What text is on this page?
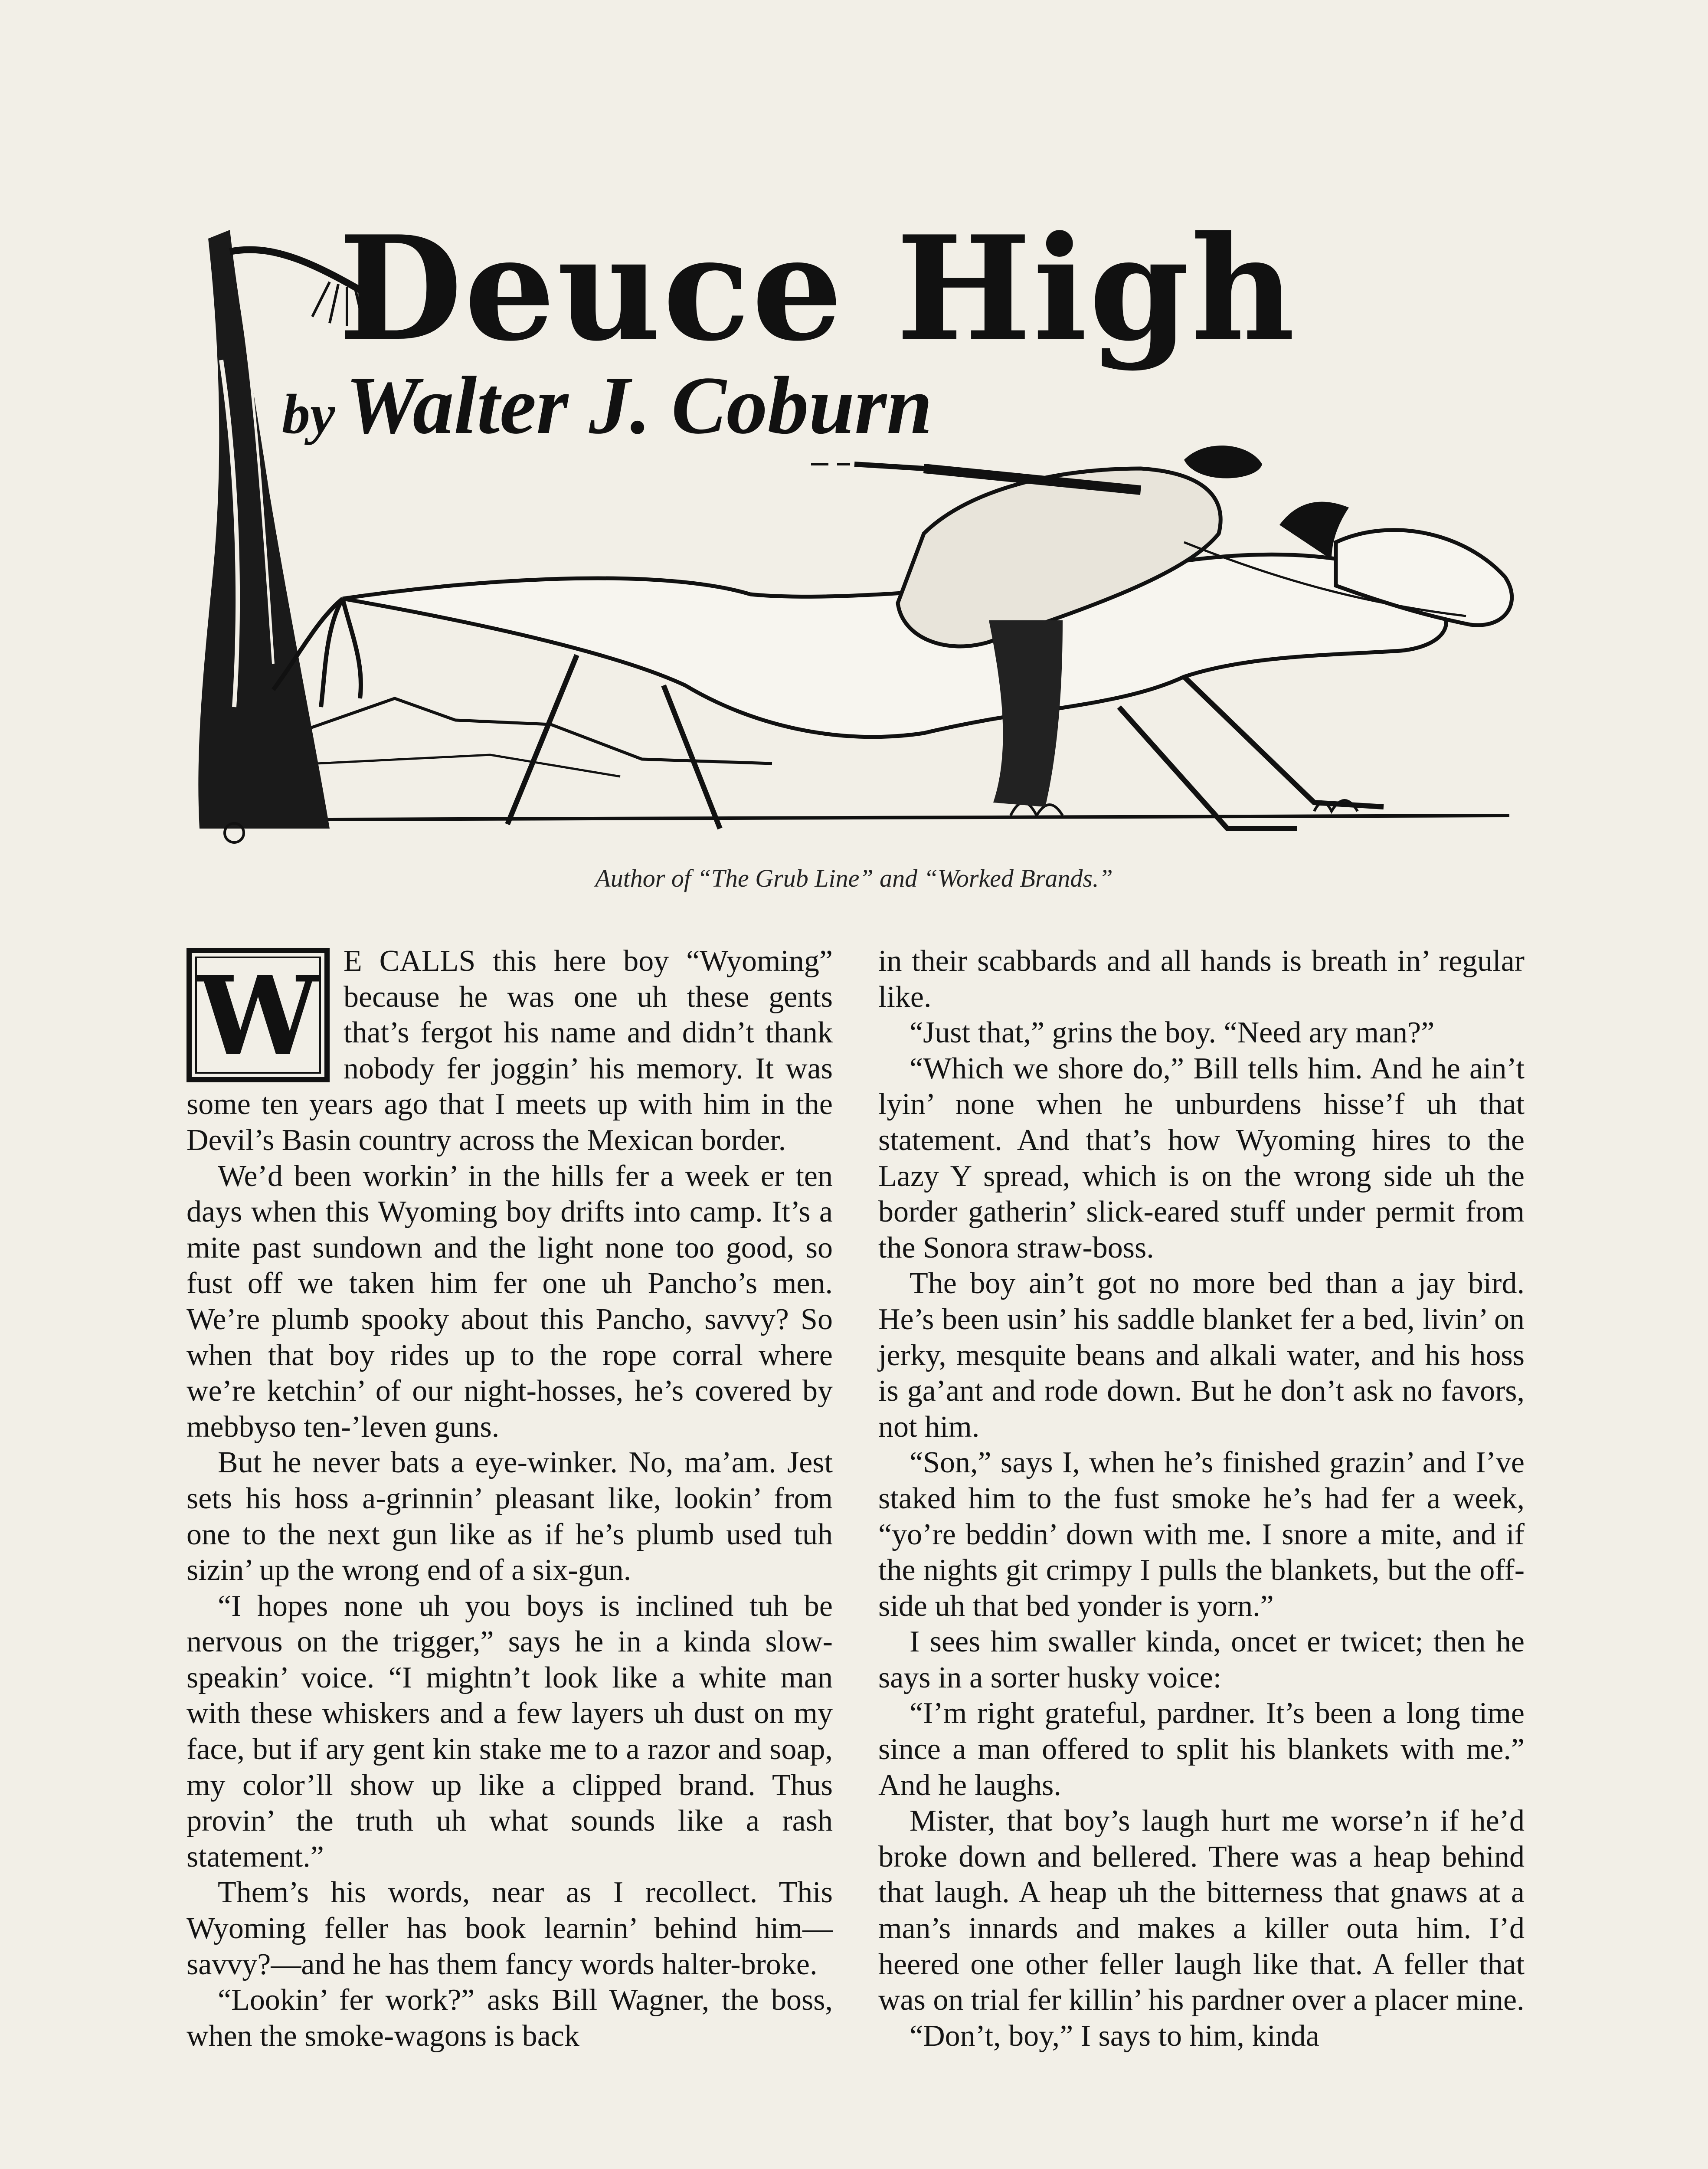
Deuce High
by Walter J. Coburn
Author of “The Grub Line” and “Worked Brands.”
W E CALLS this here boy “Wyoming” because he was one uh these gents that’s fergot his name and didn’t thank nobody fer joggin’ his memory. It was some ten years ago that I meets up with him in the Devil’s Basin country across the Mexican border.

We’d been workin’ in the hills fer a week er ten days when this Wyoming boy drifts into camp. It’s a mite past sundown and the light none too good, so fust off we taken him fer one uh Pancho’s men. We’re plumb spooky about this Pancho, savvy? So when that boy rides up to the rope corral where we’re ketchin’ of our night-hosses, he’s covered by mebbyso ten-’leven guns.

But he never bats a eye-winker. No, ma’am. Jest sets his hoss a-grinnin’ pleasant like, lookin’ from one to the next gun like as if he’s plumb used tuh sizin’ up the wrong end of a six-gun.

“I hopes none uh you boys is inclined tuh be nervous on the trigger,” says he in a kinda slow-speakin’ voice. “I mightn’t look like a white man with these whiskers and a few layers uh dust on my face, but if ary gent kin stake me to a razor and soap, my color’ll show up like a clipped brand. Thus provin’ the truth uh what sounds like a rash statement.”

Them’s his words, near as I recollect. This Wyoming feller has book learnin’ behind him—savvy?—and he has them fancy words halter-broke.

“Lookin’ fer work?” asks Bill Wagner, the boss, when the smoke-wagons is back

in their scabbards and all hands is breath in’ regular like.

“Just that,” grins the boy. “Need ary man?”

“Which we shore do,” Bill tells him. And he ain’t lyin’ none when he unburdens hisse’f uh that statement. And that’s how Wyoming hires to the Lazy Y spread, which is on the wrong side uh the border gatherin’ slick-eared stuff under permit from the Sonora straw-boss.

The boy ain’t got no more bed than a jay bird. He’s been usin’ his saddle blanket fer a bed, livin’ on jerky, mesquite beans and alkali water, and his hoss is ga’ant and rode down. But he don’t ask no favors, not him.

“Son,” says I, when he’s finished grazin’ and I’ve staked him to the fust smoke he’s had fer a week, “yo’re beddin’ down with me. I snore a mite, and if the nights git crimpy I pulls the blankets, but the off-side uh that bed yonder is yorn.”

I sees him swaller kinda, oncet er twicet; then he says in a sorter husky voice:

“I’m right grateful, pardner. It’s been a long time since a man offered to split his blankets with me.” And he laughs.

Mister, that boy’s laugh hurt me worse’n if he’d broke down and bellered. There was a heap behind that laugh. A heap uh the bitterness that gnaws at a man’s innards and makes a killer outa him. I’d heered one other feller laugh like that. A feller that was on trial fer killin’ his pardner over a placer mine.

“Don’t, boy,” I says to him, kinda
